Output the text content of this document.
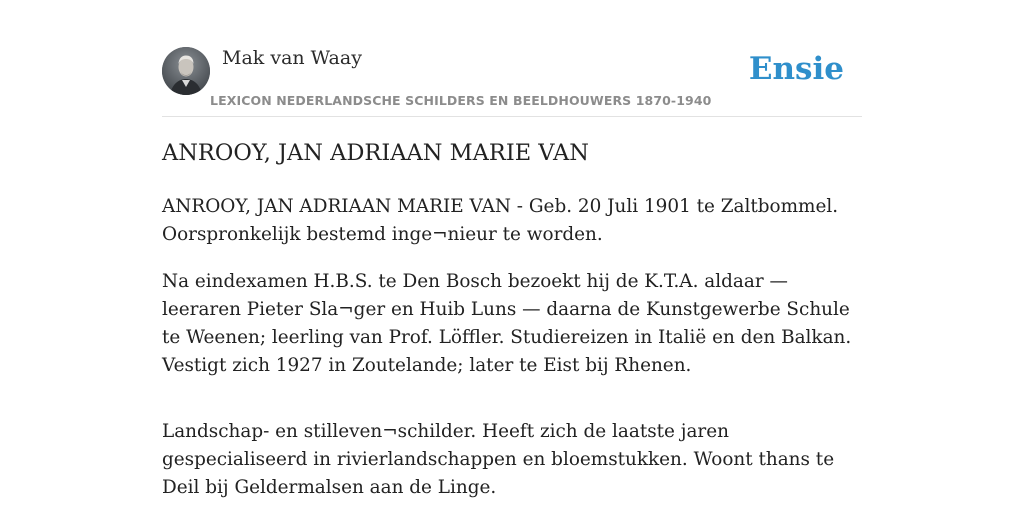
Mak van Waay
LEXICON NEDERLANDSCHE SCHILDERS EN BEELDHOUWERS 1870-1940
Ensie
ANROOY, JAN ADRIAAN MARIE VAN

ANROOY, JAN ADRIAAN MARIE VAN - Geb. 20 Juli 1901 te Zaltbommel. Oorspronkelijk bestemd inge¬nieur te worden.

Na eindexamen H.B.S. te Den Bosch bezoekt hij de K.T.A. aldaar — leeraren Pieter Sla¬ger en Huib Luns — daarna de Kunstgewerbe Schule te Weenen; leerling van Prof. Löffler. Studiereizen in Italië en den Balkan. Vestigt zich 1927 in Zoutelande; later te Eist bij Rhenen.

Landschap- en stilleven¬schilder. Heeft zich de laatste jaren gespecialiseerd in rivierlandschappen en bloemstukken. Woont thans te Deil bij Geldermalsen aan de Linge.
